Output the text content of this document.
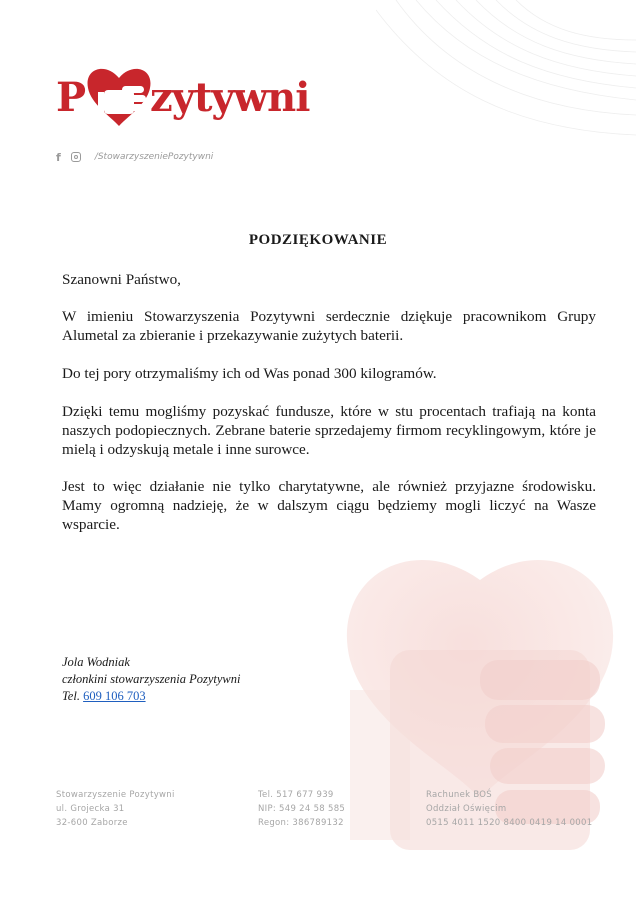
P zytywni
f	/StowarzyszeniePozytywni
PODZIĘKOWANIE
Szanowni Państwo,
W imieniu Stowarzyszenia Pozytywni serdecznie dziękuje pracownikom Grupy Alumetal za zbieranie i przekazywanie zużytych baterii.
Do tej pory otrzymaliśmy ich od Was ponad 300 kilogramów.
Dzięki temu mogliśmy pozyskać fundusze, które w stu procentach trafiają na konta naszych podopiecznych. Zebrane baterie sprzedajemy firmom recyklingowym, które je mielą i odzyskują metale i inne surowce.
Jest to więc działanie nie tylko charytatywne, ale również przyjazne środowisku. Mamy ogromną nadzieję, że w dalszym ciągu będziemy mogli liczyć na Wasze wsparcie.
Jola Wodniak
członkini stowarzyszenia Pozytywni
Tel. 609 106 703
Stowarzyszenie Pozytywni
ul. Grojecka 31
32-600 Zaborze
Tel. 517 677 939
NIP: 549 24 58 585
Regon: 386789132
Rachunek BOŚ
Oddział Oświęcim
0515 4011 1520 8400 0419 14 0001
